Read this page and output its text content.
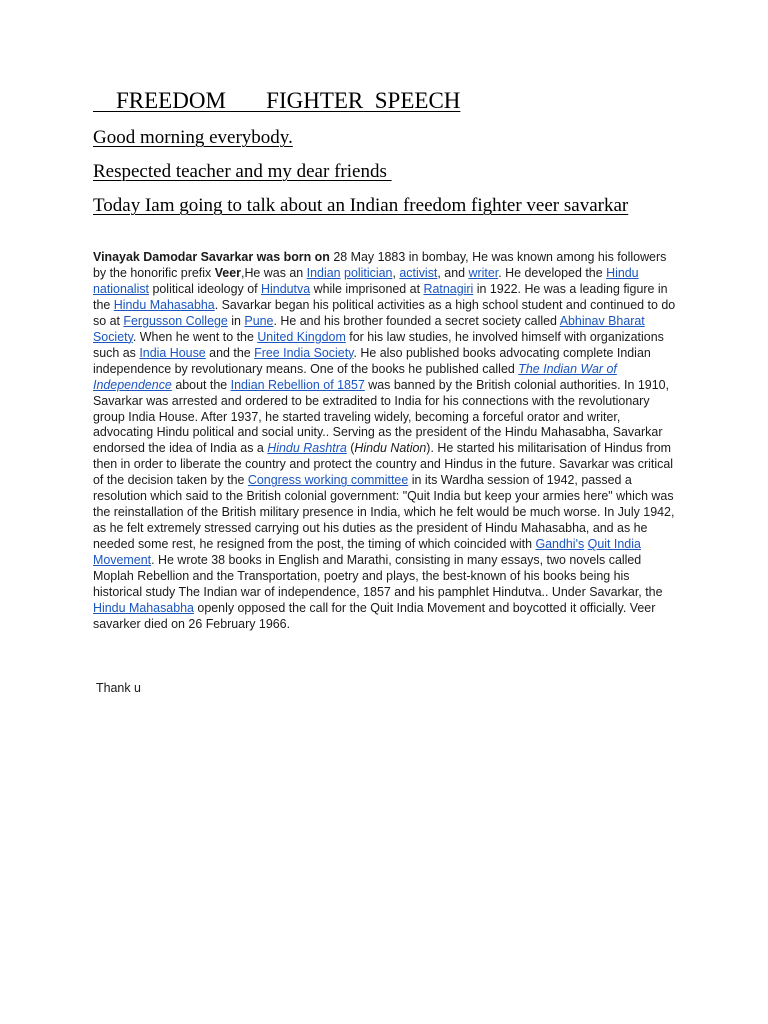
FREEDOM       FIGHTER  SPEECH
Good morning everybody.
Respected teacher and my dear friends
Today Iam going to talk about an Indian freedom fighter veer savarkar

Vinayak Damodar Savarkar was born on 28 May 1883 in bombay, He was known among his followers by the honorific prefix Veer,He was an Indian politician, activist, and writer. He developed the Hindu nationalist political ideology of Hindutva while imprisoned at Ratnagiri in 1922. He was a leading figure in the Hindu Mahasabha. Savarkar began his political activities as a high school student and continued to do so at Fergusson College in Pune. He and his brother founded a secret society called Abhinav Bharat Society. When he went to the United Kingdom for his law studies, he involved himself with organizations such as India House and the Free India Society. He also published books advocating complete Indian independence by revolutionary means. One of the books he published called The Indian War of Independence about the Indian Rebellion of 1857 was banned by the British colonial authorities. In 1910, Savarkar was arrested and ordered to be extradited to India for his connections with the revolutionary group India House. After 1937, he started traveling widely, becoming a forceful orator and writer, advocating Hindu political and social unity.. Serving as the president of the Hindu Mahasabha, Savarkar endorsed the idea of India as a Hindu Rashtra (Hindu Nation). He started his militarisation of Hindus from then in order to liberate the country and protect the country and Hindus in the future. Savarkar was critical of the decision taken by the Congress working committee in its Wardha session of 1942, passed a resolution which said to the British colonial government: "Quit India but keep your armies here" which was the reinstallation of the British military presence in India, which he felt would be much worse. In July 1942, as he felt extremely stressed carrying out his duties as the president of Hindu Mahasabha, and as he needed some rest, he resigned from the post, the timing of which coincided with Gandhi's Quit India Movement. He wrote 38 books in English and Marathi, consisting in many essays, two novels called Moplah Rebellion and the Transportation, poetry and plays, the best-known of his books being his historical study The Indian war of independence, 1857 and his pamphlet Hindutva.. Under Savarkar, the Hindu Mahasabha openly opposed the call for the Quit India Movement and boycotted it officially. Veer savarker died on 26 February 1966.

Thank u
